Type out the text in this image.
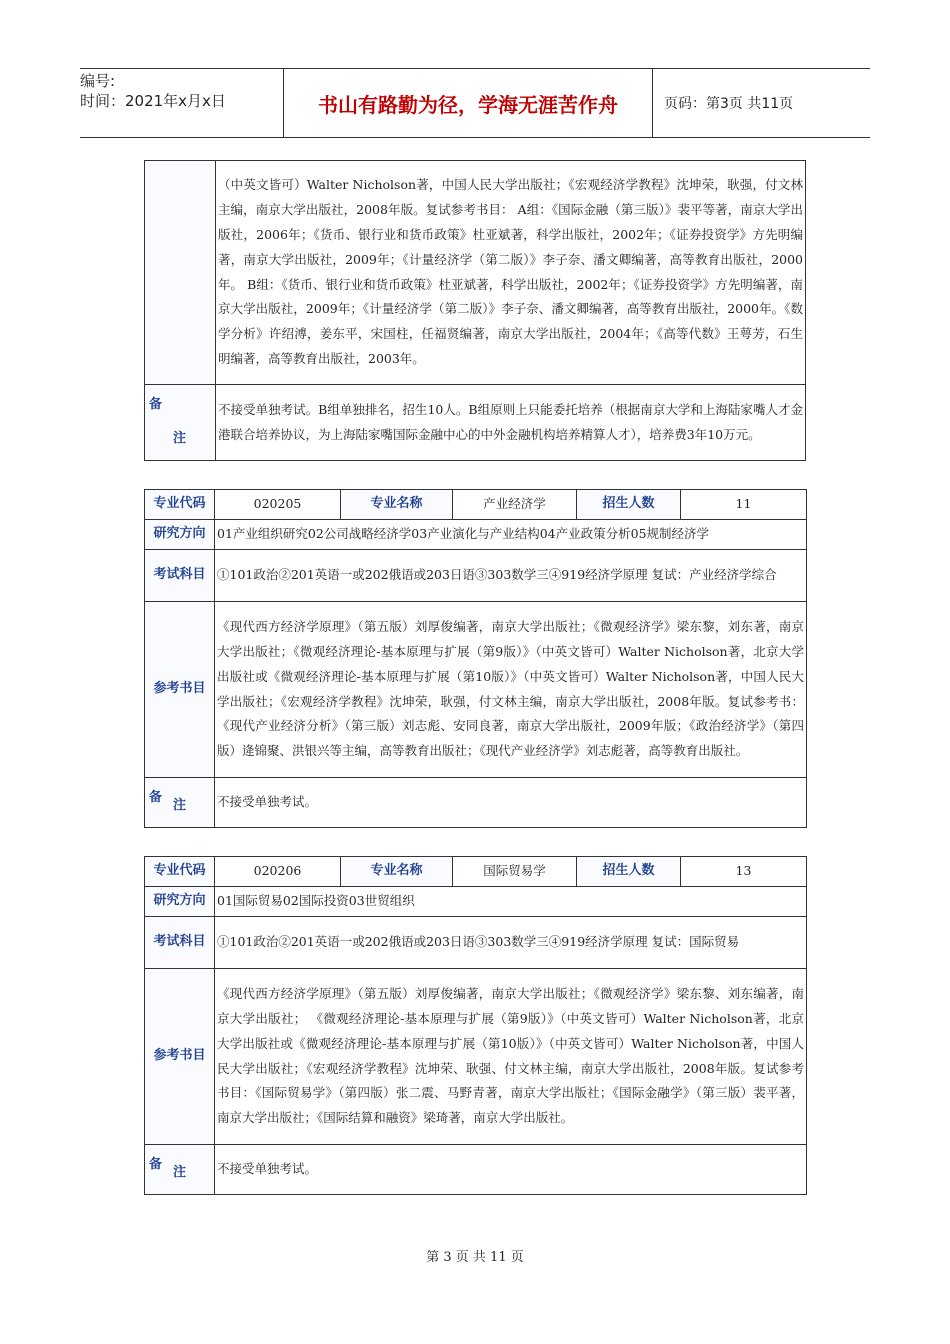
编号:
时间：2021年x月x日	书山有路勤为径，学海无涯苦作舟	页码：第3页 共11页
	（中英文皆可）Walter Nicholson著，中国人民大学出版社；《宏观经济学教程》沈坤荣，耿强，付文林主编，南京大学出版社，2008年版。复试参考书目： A组：《国际金融（第三版）》裴平等著，南京大学出版社，2006年；《货币、银行业和货币政策》杜亚斌著，科学出版社，2002年；《证券投资学》方先明编著，南京大学出版社，2009年；《计量经济学（第二版）》李子奈、潘文卿编著，高等教育出版社，2000年。 B组：《货币、银行业和货币政策》杜亚斌著，科学出版社，2002年；《证券投资学》方先明编著，南京大学出版社，2009年；《计量经济学（第二版）》李子奈、潘文卿编著，高等教育出版社，2000年。《数学分析》许绍溥，姜东平，宋国柱，任福贤编著，南京大学出版社，2004年；《高等代数》王萼芳，石生明编著，高等教育出版社，2003年。

备
注	不接受单独考试。B组单独排名，招生10人。B组原则上只能委托培养（根据南京大学和上海陆家嘴人才金港联合培养协议，为上海陆家嘴国际金融中心的中外金融机构培养精算人才），培养费3年10万元。
专业代码	020205	专业名称	产业经济学	招生人数	11
研究方向	01产业组织研究02公司战略经济学03产业演化与产业结构04产业政策分析05规制经济学				
考试科目	①101政治②201英语一或202俄语或203日语③303数学三④919经济学原理 复试：产业经济学综合				
参考书目	《现代西方经济学原理》（第五版）刘厚俊编著，南京大学出版社；《微观经济学》梁东黎，刘东著，南京大学出版社；《微观经济理论-基本原理与扩展（第9版）》（中英文皆可）Walter Nicholson著，北京大学出版社或《微观经济理论-基本原理与扩展（第10版）》（中英文皆可）Walter Nicholson著，中国人民大学出版社；《宏观经济学教程》沈坤荣，耿强，付文林主编，南京大学出版社，2008年版。复试参考书：《现代产业经济分析》（第三版）刘志彪、安同良著，南京大学出版社，2009年版；《政治经济学》（第四版）逄锦聚、洪银兴等主编，高等教育出版社；《现代产业经济学》刘志彪著，高等教育出版社。				

备
注	不接受单独考试。				
专业代码	020206	专业名称	国际贸易学	招生人数	13
研究方向	01国际贸易02国际投资03世贸组织				
考试科目	①101政治②201英语一或202俄语或203日语③303数学三④919经济学原理 复试：国际贸易				
参考书目	《现代西方经济学原理》（第五版）刘厚俊编著，南京大学出版社；《微观经济学》梁东黎、刘东编著，南京大学出版社； 《微观经济理论-基本原理与扩展（第9版）》（中英文皆可）Walter Nicholson著，北京大学出版社或《微观经济理论-基本原理与扩展（第10版）》（中英文皆可）Walter Nicholson著，中国人民大学出版社；《宏观经济学教程》沈坤荣、耿强、付文林主编，南京大学出版社，2008年版。复试参考书目：《国际贸易学》（第四版）张二震、马野青著，南京大学出版社；《国际金融学》（第三版）裴平著，南京大学出版社；《国际结算和融资》梁琦著，南京大学出版社。				

备
注	不接受单独考试。				
第 3 页 共 11 页
